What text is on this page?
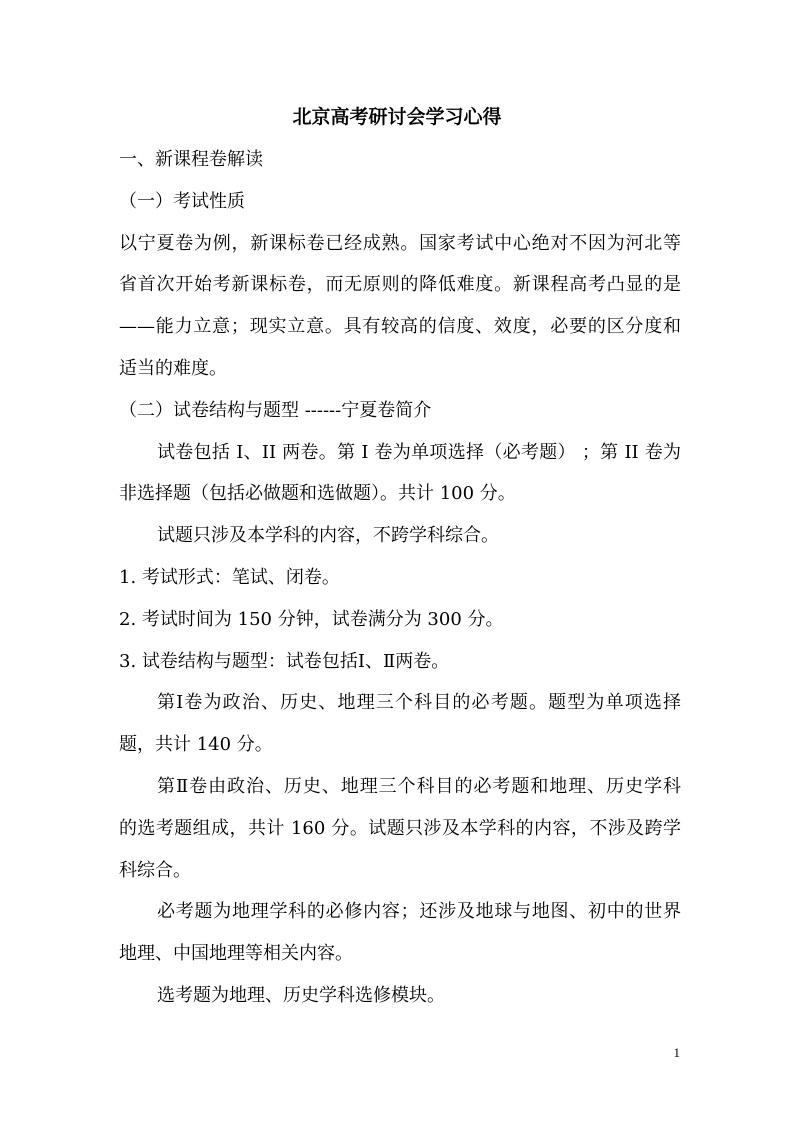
北京高考研讨会学习心得
一、新课程卷解读
（一）考试性质
以宁夏卷为例，新课标卷已经成熟。国家考试中心绝对不因为河北等
省首次开始考新课标卷，而无原则的降低难度。新课程高考凸显的是
——能力立意；现实立意。具有较高的信度、效度，必要的区分度和
适当的难度。
（二）试卷结构与题型 ------宁夏卷简介
试卷包括 I、II 两卷。第 I 卷为单项选择（必考题） ；第 II 卷为
非选择题（包括必做题和选做题）。共计 100 分。
试题只涉及本学科的内容，不跨学科综合。
1. 考试形式：笔试、闭卷。
2. 考试时间为 150 分钟，试卷满分为 300 分。
3. 试卷结构与题型：试卷包括Ⅰ、Ⅱ两卷。
第Ⅰ卷为政治、历史、地理三个科目的必考题。题型为单项选择
题，共计 140 分。
第Ⅱ卷由政治、历史、地理三个科目的必考题和地理、历史学科
的选考题组成，共计 160 分。试题只涉及本学科的内容，不涉及跨学
科综合。
必考题为地理学科的必修内容；还涉及地球与地图、初中的世界
地理、中国地理等相关内容。
选考题为地理、历史学科选修模块。
1
